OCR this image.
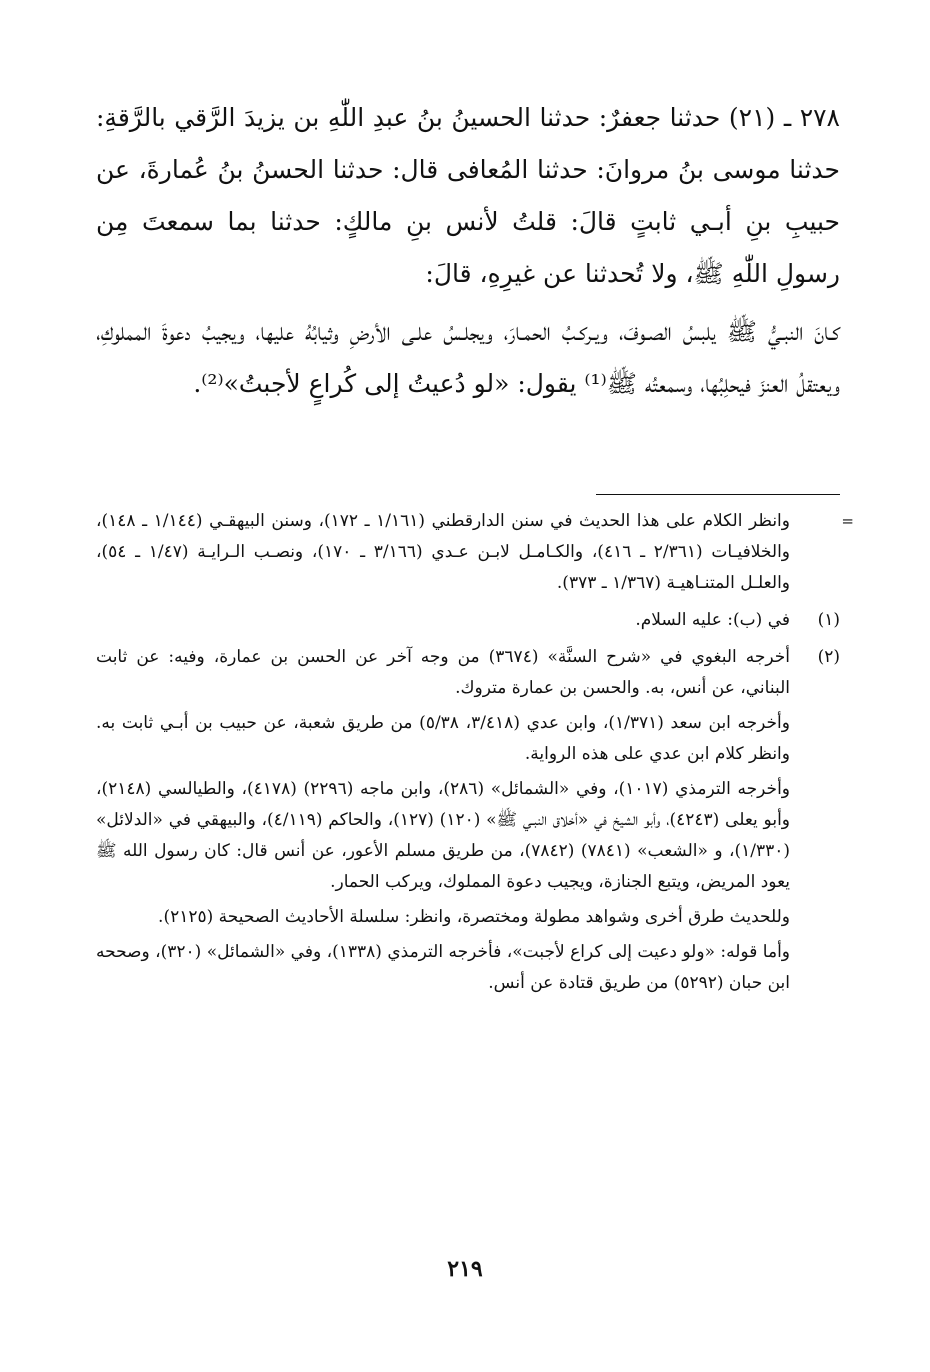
٢٧٨ ـ (٢١) حدثنا جعفرٌ: حدثنا الحسينُ بنُ عبدِ اللّٰهِ بن يزيدَ الرَّقي بالرَّقةِ: حدثنا موسى بنُ مروانَ: حدثنا المُعافى قال: حدثنا الحسنُ بنُ عُمارةَ، عن حبيبِ بنِ أبـي ثابتٍ قالَ: قلتُ لأنس بنِ مالكٍ: حدثنا بما سمعتَ مِن رسولِ اللّٰهِ ﷺ، ولا تُحدثنا عن غيرِهِ، قالَ:

كـانَ النبـيُّ ﷺ يلبسُ الصـوفَ، ويـركـبُ الحمـارَ، ويجلـسُ علـى الأرضِ وثيابُهُ عليها، ويجيبُ دعوةَ المملوكِ، ويعتقلُ العنزَ فيحلِبُها، وسمعتُه ﷺ⁽¹⁾ يقول: «لو دُعيتُ إلى كُراعٍ لأجبتُ»⁽²⁾.

=

وانظر الكلام على هذا الحديث في سنن الدارقطني (١/١٦١ ـ ١٧٢)، وسنن البيهقـي (١/١٤٤ ـ ١٤٨)، والخلافيـات (٢/٣٦١ ـ ٤١٦)، والكـامـل لابـن عـدي (٣/١٦٦ ـ ١٧٠)، ونصـب الـرايـة (١/٤٧ ـ ٥٤)، والعلـل المتنـاهيـة (١/٣٦٧ ـ ٣٧٣).

(١)

في (ب): عليه السلام.

(٢)

أخرجه البغوي في «شرح السنَّة» (٣٦٧٤) من وجه آخر عن الحسن بن عمارة، وفيه: عن ثابت البناني، عن أنس، به. والحسن بن عمارة متروك.

وأخرجه ابن سعد (١/٣٧١)، وابن عدي (٣/٤١٨، ٥/٣٨) من طريق شعبة، عن حبيب بن أبـي ثابت به. وانظر كلام ابن عدي على هذه الرواية.

وأخرجه الترمذي (١٠١٧)، وفي «الشمائل» (٢٨٦)، وابن ماجه (٢٢٩٦) (٤١٧٨)، والطيالسي (٢١٤٨)، وأبو يعلى (٤٢٤٣)، وأبو الشيخ في «أخلاق النبـي ﷺ» (١٢٠) (١٢٧)، والحاكم (٤/١١٩)، والبيهقي في «الدلائل» (١/٣٣٠)، و «الشعب» (٧٨٤١) (٧٨٤٢)، من طريق مسلم الأعور، عن أنس قال: كان رسول الله ﷺ يعود المريض، ويتبع الجنازة، ويجيب دعوة المملوك، ويركب الحمار.

وللحديث طرق أخرى وشواهد مطولة ومختصرة، وانظر: سلسلة الأحاديث الصحيحة (٢١٢٥).

وأما قوله: «ولو دعيت إلى كراع لأجبت»، فأخرجه الترمذي (١٣٣٨)، وفي «الشمائل» (٣٢٠)، وصححه ابن حبان (٥٢٩٢) من طريق قتادة عن أنس.

٢١٩
